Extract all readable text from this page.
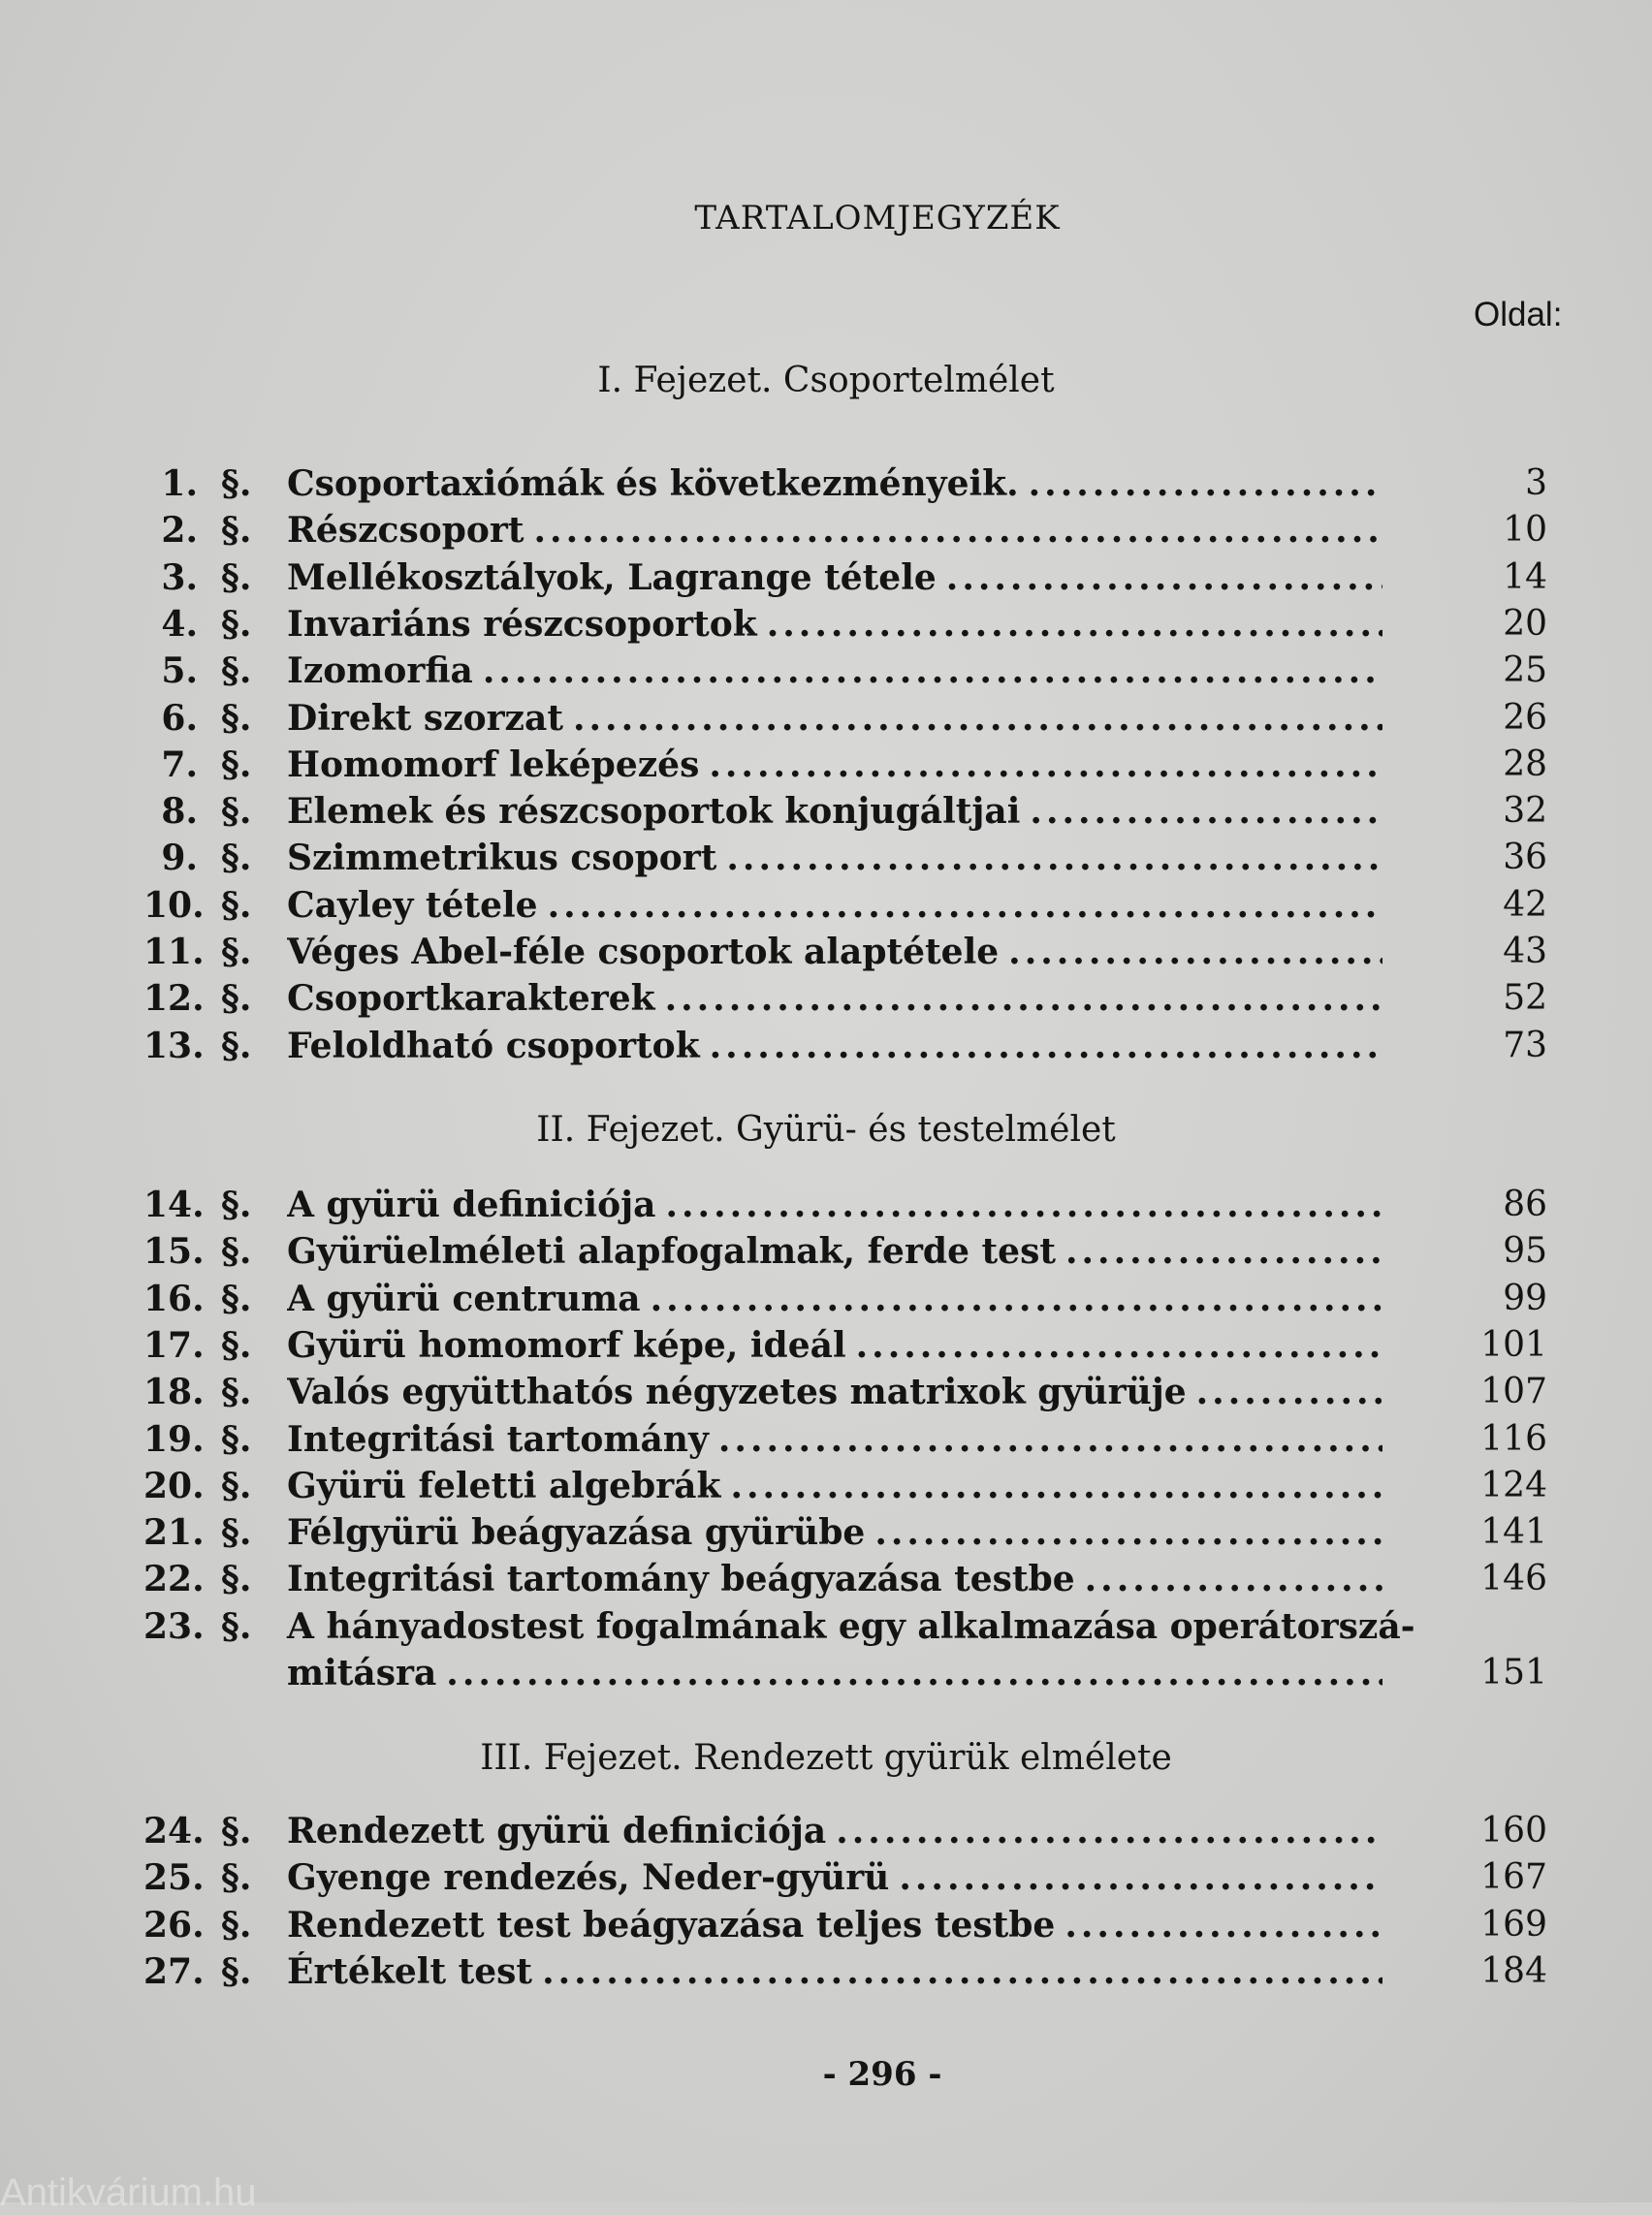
TARTALOMJEGYZÉK
Oldal:
I. Fejezet. Csoportelmélet
1. §. Csoportaxiómák és következményeik. .....	3
2. §. Részcsoport .....	10
3. §. Mellékosztályok, Lagrange tétele .....	14
4. §. Invariáns részcsoportok .....	20
5. §. Izomorfia .....	25
6. §. Direkt szorzat .....	26
7. §. Homomorf leképezés .....	28
8. §. Elemek és részcsoportok konjugáltjai .....	32
9. §. Szimmetrikus csoport .....	36
10. §. Cayley tétele .....	42
11. §. Véges Abel-féle csoportok alaptétele .....	43
12. §. Csoportkarakterek .....	52
13. §. Feloldható csoportok .....	73
II. Fejezet. Gyürü- és testelmélet
14. §. A gyürü definiciója .....	86
15. §. Gyürüelméleti alapfogalmak, ferde test .....	95
16. §. A gyürü centruma .....	99
17. §. Gyürü homomorf képe, ideál .....	101
18. §. Valós együtthatós négyzetes matrixok gyürüje .....	107
19. §. Integritási tartomány .....	116
20. §. Gyürü feletti algebrák .....	124
21. §. Félgyürü beágyazása gyürübe .....	141
22. §. Integritási tartomány beágyazása testbe .....	146
23. §. A hányadostest fogalmának egy alkalmazása operátorszá-
mitásra .....	151
III. Fejezet. Rendezett gyürük elmélete
24. §. Rendezett gyürü definiciója .....	160
25. §. Gyenge rendezés, Neder-gyürü .....	167
26. §. Rendezett test beágyazása teljes testbe .....	169
27. §. Értékelt test .....	184
- 296 -
Antikvárium.hu
